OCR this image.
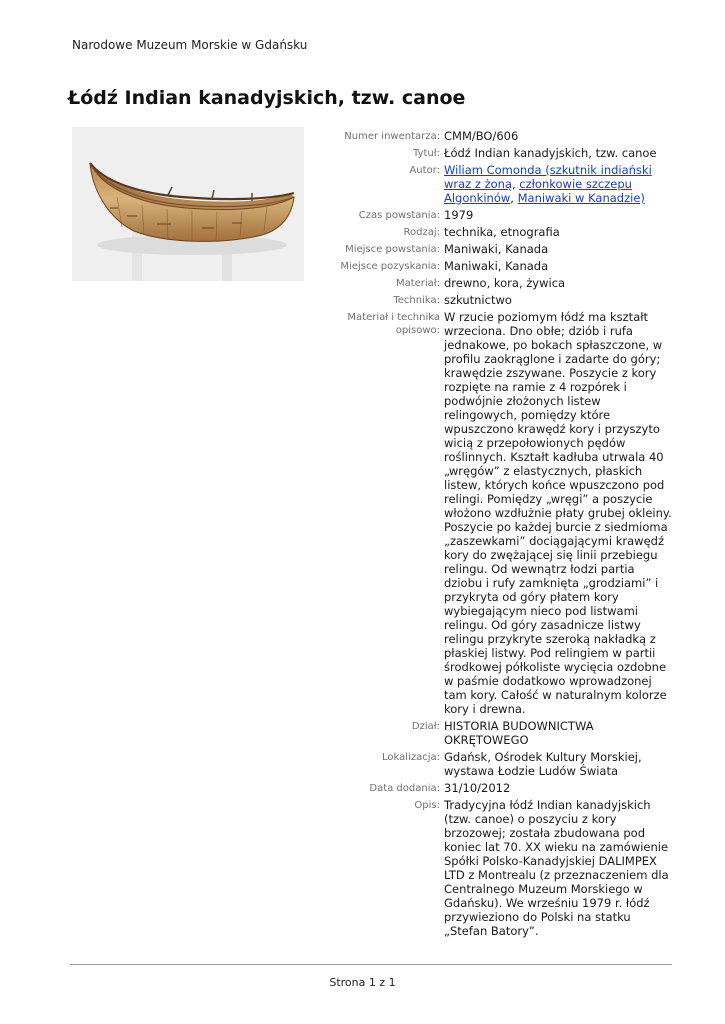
Narodowe Muzeum Morskie w Gdańsku
Łódź Indian kanadyjskich, tzw. canoe
Numer inwentarza: CMM/BO/606
Tytuł: Łódź Indian kanadyjskich, tzw. canoe
Autor: Wiliam Comonda (szkutnik indiański wraz z żoną, członkowie szczepu Algonkinów, Maniwaki w Kanadzie)
Czas powstania: 1979
Rodzaj: technika, etnografia
Miejsce powstania: Maniwaki, Kanada
Miejsce pozyskania: Maniwaki, Kanada
Materiał: drewno, kora, żywica
Technika: szkutnictwo
Materiał i technika opisowo:
W rzucie poziomym łódź ma kształt wrzeciona. Dno obłe; dziób i rufa jednakowe, po bokach spłaszczone, w profilu zaokrąglone i zadarte do góry; krawędzie zszywane. Poszycie z kory rozpięte na ramie z 4 rozpórek i podwójnie złożonych listew relingowych, pomiędzy które wpuszczono krawędź kory i przyszyto wicią z przepołowionych pędów roślinnych. Kształt kadłuba utrwala 40 „wręgów” z elastycznych, płaskich listew, których końce wpuszczono pod relingi. Pomiędzy „wręgi” a poszycie włożono wzdłużnie płaty grubej okleiny. Poszycie po każdej burcie z siedmioma „zaszewkami” dociągającymi krawędź kory do zwężającej się linii przebiegu relingu. Od wewnątrz łodzi partia dziobu i rufy zamknięta „grodziami” i przykryta od góry płatem kory wybiegającym nieco pod listwami relingu. Od góry zasadnicze listwy relingu przykryte szeroką nakładką z płaskiej listwy. Pod relingiem w partii środkowej półkoliste wycięcia ozdobne w paśmie dodatkowo wprowadzonej tam kory. Całość w naturalnym kolorze kory i drewna.
Dział: HISTORIA BUDOWNICTWA OKRĘTOWEGO
Lokalizacja: Gdańsk, Ośrodek Kultury Morskiej, wystawa Łodzie Ludów Świata
Data dodania: 31/10/2012
Opis: Tradycyjna łódź Indian kanadyjskich (tzw. canoe) o poszyciu z kory brzozowej; została zbudowana pod koniec lat 70. XX wieku na zamówienie Spółki Polsko-Kanadyjskiej DALIMPEX LTD z Montrealu (z przeznaczeniem dla Centralnego Muzeum Morskiego w Gdańsku). We wrześniu 1979 r. łódź przywieziono do Polski na statku „Stefan Batory”.
Strona 1 z 1
